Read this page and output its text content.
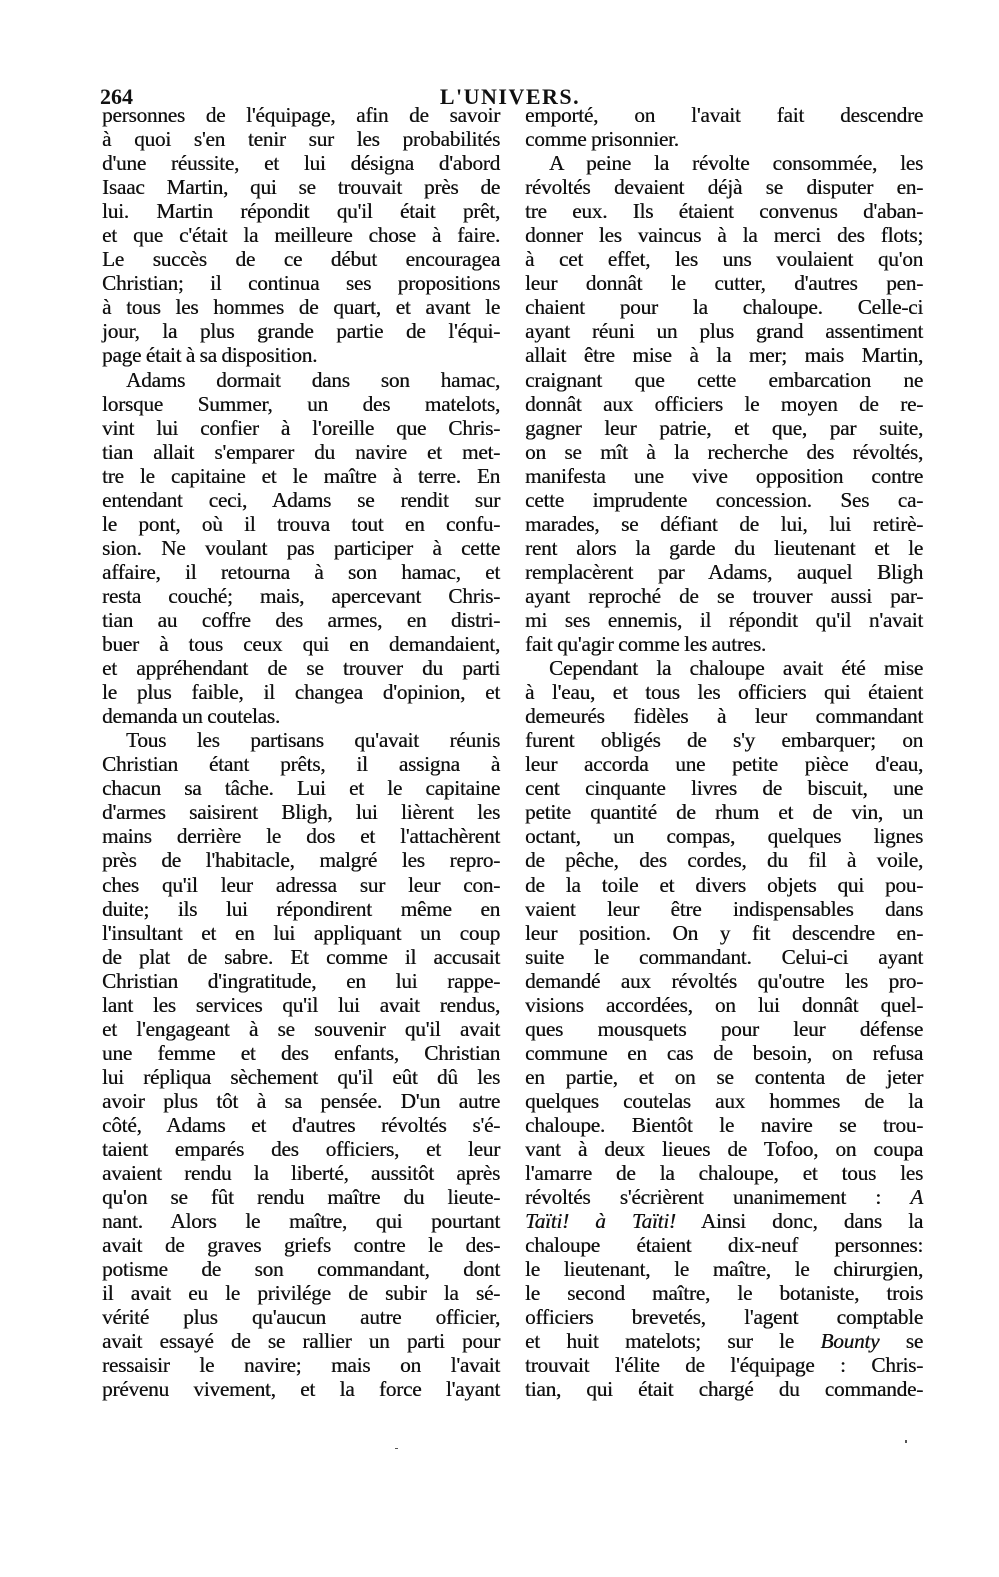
264	L'UNIVERS.
personnes de l'équipage, afin de savoir
à quoi s'en tenir sur les probabilités
d'une réussite, et lui désigna d'abord
Isaac Martin, qui se trouvait près de
lui. Martin répondit qu'il était prêt,
et que c'était la meilleure chose à faire.
Le succès de ce début encouragea
Christian; il continua ses propositions
à tous les hommes de quart, et avant le
jour, la plus grande partie de l'équi-
page était à sa disposition.
Adams dormait dans son hamac,
lorsque Summer, un des matelots,
vint lui confier à l'oreille que Chris-
tian allait s'emparer du navire et met-
tre le capitaine et le maître à terre. En
entendant ceci, Adams se rendit sur
le pont, où il trouva tout en confu-
sion. Ne voulant pas participer à cette
affaire, il retourna à son hamac, et
resta couché; mais, apercevant Chris-
tian au coffre des armes, en distri-
buer à tous ceux qui en demandaient,
et appréhendant de se trouver du parti
le plus faible, il changea d'opinion, et
demanda un coutelas.
Tous les partisans qu'avait réunis
Christian étant prêts, il assigna à
chacun sa tâche. Lui et le capitaine
d'armes saisirent Bligh, lui lièrent les
mains derrière le dos et l'attachèrent
près de l'habitacle, malgré les repro-
ches qu'il leur adressa sur leur con-
duite; ils lui répondirent même en
l'insultant et en lui appliquant un coup
de plat de sabre. Et comme il accusait
Christian d'ingratitude, en lui rappe-
lant les services qu'il lui avait rendus,
et l'engageant à se souvenir qu'il avait
une femme et des enfants, Christian
lui répliqua sèchement qu'il eût dû les
avoir plus tôt à sa pensée. D'un autre
côté, Adams et d'autres révoltés s'é-
taient emparés des officiers, et leur
avaient rendu la liberté, aussitôt après
qu'on se fût rendu maître du lieute-
nant. Alors le maître, qui pourtant
avait de graves griefs contre le des-
potisme de son commandant, dont
il avait eu le privilége de subir la sé-
vérité plus qu'aucun autre officier,
avait essayé de se rallier un parti pour
ressaisir le navire; mais on l'avait
prévenu vivement, et la force l'ayant
emporté, on l'avait fait descendre
comme prisonnier.
A peine la révolte consommée, les
révoltés devaient déjà se disputer en-
tre eux. Ils étaient convenus d'aban-
donner les vaincus à la merci des flots;
à cet effet, les uns voulaient qu'on
leur donnât le cutter, d'autres pen-
chaient pour la chaloupe. Celle-ci
ayant réuni un plus grand assentiment
allait être mise à la mer; mais Martin,
craignant que cette embarcation ne
donnât aux officiers le moyen de re-
gagner leur patrie, et que, par suite,
on se mît à la recherche des révoltés,
manifesta une vive opposition contre
cette imprudente concession. Ses ca-
marades, se défiant de lui, lui retirè-
rent alors la garde du lieutenant et le
remplacèrent par Adams, auquel Bligh
ayant reproché de se trouver aussi par-
mi ses ennemis, il répondit qu'il n'avait
fait qu'agir comme les autres.
Cependant la chaloupe avait été mise
à l'eau, et tous les officiers qui étaient
demeurés fidèles à leur commandant
furent obligés de s'y embarquer; on
leur accorda une petite pièce d'eau,
cent cinquante livres de biscuit, une
petite quantité de rhum et de vin, un
octant, un compas, quelques lignes
de pêche, des cordes, du fil à voile,
de la toile et divers objets qui pou-
vaient leur être indispensables dans
leur position. On y fit descendre en-
suite le commandant. Celui-ci ayant
demandé aux révoltés qu'outre les pro-
visions accordées, on lui donnât quel-
ques mousquets pour leur défense
commune en cas de besoin, on refusa
en partie, et on se contenta de jeter
quelques coutelas aux hommes de la
chaloupe. Bientôt le navire se trou-
vant à deux lieues de Tofoo, on coupa
l'amarre de la chaloupe, et tous les
révoltés s'écrièrent unanimement : A
Taïti! à Taïti! Ainsi donc, dans la
chaloupe étaient dix-neuf personnes:
le lieutenant, le maître, le chirurgien,
le second maître, le botaniste, trois
officiers brevetés, l'agent comptable
et huit matelots; sur le Bounty se
trouvait l'élite de l'équipage : Chris-
tian, qui était chargé du commande-
